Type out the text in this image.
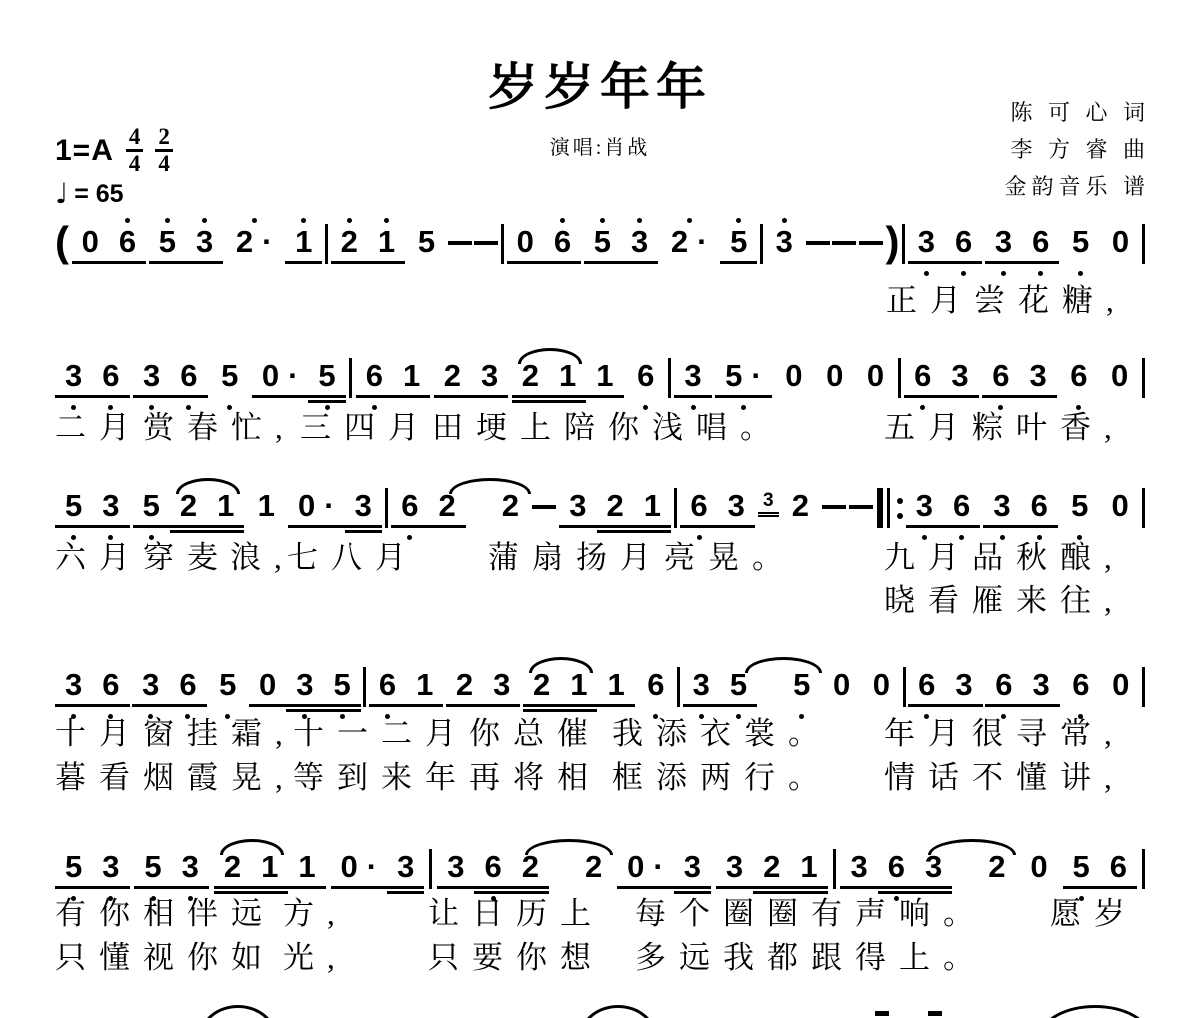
岁岁年年	陈 可 心 词
李 方 睿 曲
金韵音乐 谱
演唱:肖战
$1=A \frac{4}{4} \frac{2}{4}$
♩ = 65
( 0 6 5 3 2 · 1 2 1 5	0 6 5 3 2 · 5 3 ) 3 6 3 6 5 0
3 6 3 6 5 0 · 5 6 1 2 3 2 1 1 6 3 5 · 0 0 0 6 3 6 3 6 0
5 3 5 2 1 1 0 · 3 6 2	2	3 2 1 6 3 3 2	3 6 3 6 5 0
3 6 3 6 5 0 3 5 6 1 2 3 2 1 1 6 3 5	5 0 0 6 3 6 3 6 0
5 3 5 3 2 1 1 0 · 3	3 6 2	2 0 · 3 3 2 1	3 6 3	2 0 5 6
正月尝花糖,
二月赏春忙, 三四月田埂上陪你浅唱。	五月粽叶香,
六月穿麦 浪,
七八月 蒲扇扬月亮晃。	九月品秋酿,
晓看雁来往,
十月窗挂霜,
十一二月你总催 我添衣裳。 年月很寻常,
暮看烟霞晃,
等到来年再将相 框添两行。 情话不懂讲,
有你相伴远 方,	让日历上 每个圈圈有声响。 愿岁
只懂视你如 光,	只要你想 多远我都跟得上。
